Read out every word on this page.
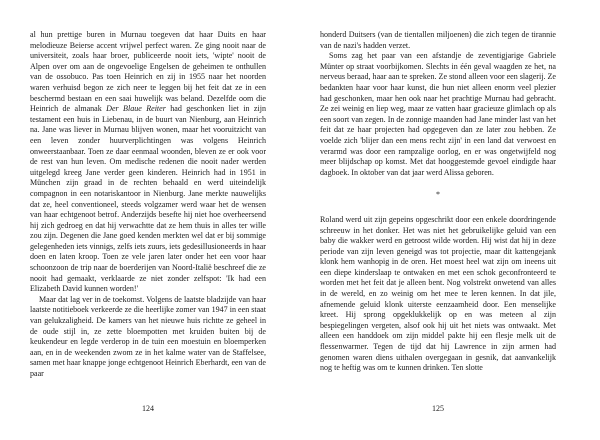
al hun prettige buren in Murnau toegeven dat haar Duits en haar melodieuze Beierse accent vrijwel perfect waren. Ze ging nooit naar de universiteit, zoals haar broer, publiceerde nooit iets, 'wipte' nooit de Alpen over om aan de ongevoelige Engelsen de geheimen te onthullen van de ossobuco. Pas toen Heinrich en zij in 1955 naar het noorden waren verhuisd begon ze zich neer te leggen bij het feit dat ze in een beschermd bestaan en een saai huwelijk was beland. Dezelfde oom die Heinrich de almanak Der Blaue Reiter had geschonken liet in zijn testament een huis in Liebenau, in de buurt van Nienburg, aan Heinrich na. Jane was liever in Murnau blijven wonen, maar het vooruitzicht van een leven zonder huurverplichtingen was volgens Heinrich onweerstaanbaar. Toen ze daar eenmaal woonden, bleven ze er ook voor de rest van hun leven. Om medische redenen die nooit nader werden uitgelegd kreeg Jane verder geen kinderen. Heinrich had in 1951 in München zijn graad in de rechten behaald en werd uiteindelijk compagnon in een notariskantoor in Nienburg. Jane merkte nauwelijks dat ze, heel conventioneel, steeds volgzamer werd waar het de wensen van haar echtgenoot betrof. Anderzijds besefte hij niet hoe overheersend hij zich gedroeg en dat hij verwachtte dat ze hem thuis in alles ter wille zou zijn. Degenen die Jane goed kenden merkten wel dat er bij sommige gelegenheden iets vinnigs, zelfs iets zuurs, iets gedesillusioneerds in haar doen en laten kroop. Toen ze vele jaren later onder het een voor haar schoonzoon de trip naar de boerderijen van Noord-Italië beschreef die ze nooit had gemaakt, verklaarde ze niet zonder zelfspot: 'Ik had een Elizabeth David kunnen worden!'

Maar dat lag ver in de toekomst. Volgens de laatste bladzijde van haar laatste notitieboek verkeerde ze die heerlijke zomer van 1947 in een staat van gelukzaligheid. De kamers van het nieuwe huis richtte ze geheel in de oude stijl in, ze zette bloempotten met kruiden buiten bij de keukendeur en legde verderop in de tuin een moestuin en bloemperken aan, en in de weekenden zwom ze in het kalme water van de Staffelsee, samen met haar knappe jonge echtgenoot Heinrich Eberhardt, een van de paar

honderd Duitsers (van de tientallen miljoenen) die zich tegen de tirannie van de nazi's hadden verzet.

Soms zag het paar van een afstandje de zeventigjarige Gabriele Münter op straat voorbijkomen. Slechts in één geval waagden ze het, na nerveus beraad, haar aan te spreken. Ze stond alleen voor een slagerij. Ze bedankten haar voor haar kunst, die hun niet alleen enorm veel plezier had geschonken, maar hen ook naar het prachtige Murnau had gebracht. Ze zei weinig en liep weg, maar ze vatten haar gracieuze glimlach op als een soort van zegen. In de zonnige maanden had Jane minder last van het feit dat ze haar projecten had opgegeven dan ze later zou hebben. Ze voelde zich 'blijer dan een mens recht zijn' in een land dat verwoest en verarmd was door een rampzalige oorlog, en er was ongetwijfeld nog meer blijdschap op komst. Met dat hooggestemde gevoel eindigde haar dagboek. In oktober van dat jaar werd Alissa geboren.

*

Roland werd uit zijn gepeins opgeschrikt door een enkele doordringende schreeuw in het donker. Het was niet het gebruikelijke geluid van een baby die wakker werd en getroost wilde worden. Hij wist dat hij in deze periode van zijn leven geneigd was tot projectie, maar dit kattengejank klonk hem wanhopig in de oren. Het moest heel wat zijn om ineens uit een diepe kinderslaap te ontwaken en met een schok geconfronteerd te worden met het feit dat je alleen bent. Nog volstrekt onwetend van alles in de wereld, en zo weinig om het mee te leren kennen. In dat jile, afnemende geluid klonk uiterste eenzaamheid door. Een menselijke kreet. Hij sprong opgeklukkelijk op en was meteen al zijn bespiegelingen vergeten, alsof ook hij uit het niets was ontwaakt. Met alleen een handdoek om zijn middel pakte hij een flesje melk uit de flessenwarmer. Tegen de tijd dat hij Lawrence in zijn armen had genomen waren diens uithalen overgegaan in gesnik, dat aanvankelijk nog te heftig was om te kunnen drinken. Ten slotte

124	125
